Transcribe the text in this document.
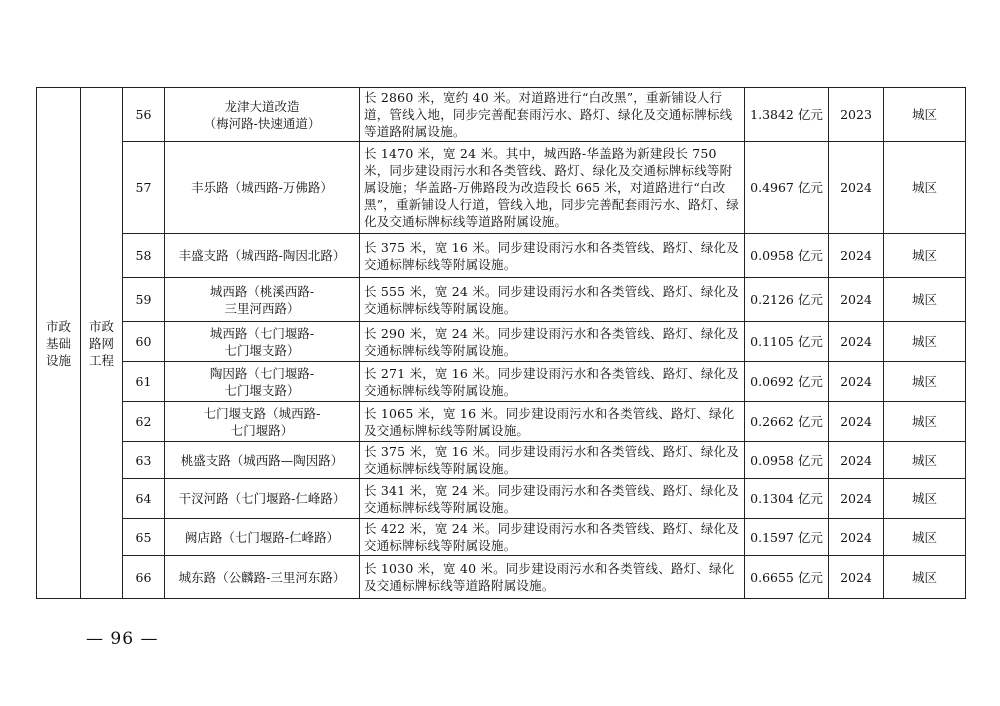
市政
基础
设施	市政
路网
工程	56	龙津大道改造
（梅河路-快速通道）	长 2860 米，宽约 40 米。对道路进行“白改黑”，重新铺设人行道，管线入地，同步完善配套雨污水、路灯、绿化及交通标牌标线等道路附属设施。	1.3842 亿元	2023	城区
		57	丰乐路（城西路-万佛路）	长 1470 米，宽 24 米。其中，城西路-华盖路为新建段长 750 米，同步建设雨污水和各类管线、路灯、绿化及交通标牌标线等附属设施；华盖路-万佛路段为改造段长 665 米，对道路进行“白改黑”，重新铺设人行道，管线入地，同步完善配套雨污水、路灯、绿化及交通标牌标线等道路附属设施。	0.4967 亿元	2024	城区
		58	丰盛支路（城西路-陶因北路）	长 375 米，宽 16 米。同步建设雨污水和各类管线、路灯、绿化及交通标牌标线等附属设施。	0.0958 亿元	2024	城区
		59	城西路（桃溪西路-
三里河西路）	长 555 米，宽 24 米。同步建设雨污水和各类管线、路灯、绿化及交通标牌标线等附属设施。	0.2126 亿元	2024	城区
		60	城西路（七门堰路-
七门堰支路）	长 290 米，宽 24 米。同步建设雨污水和各类管线、路灯、绿化及交通标牌标线等附属设施。	0.1105 亿元	2024	城区
		61	陶因路（七门堰路-
七门堰支路）	长 271 米，宽 16 米。同步建设雨污水和各类管线、路灯、绿化及交通标牌标线等附属设施。	0.0692 亿元	2024	城区
		62	七门堰支路（城西路-
七门堰路）	长 1065 米，宽 16 米。同步建设雨污水和各类管线、路灯、绿化及交通标牌标线等附属设施。	0.2662 亿元	2024	城区
		63	桃盛支路（城西路—陶因路）	长 375 米，宽 16 米。同步建设雨污水和各类管线、路灯、绿化及交通标牌标线等附属设施。	0.0958 亿元	2024	城区
		64	干汊河路（七门堰路-仁峰路）	长 341 米，宽 24 米。同步建设雨污水和各类管线、路灯、绿化及交通标牌标线等附属设施。	0.1304 亿元	2024	城区
		65	阙店路（七门堰路-仁峰路）	长 422 米，宽 24 米。同步建设雨污水和各类管线、路灯、绿化及交通标牌标线等附属设施。	0.1597 亿元	2024	城区
		66	城东路（公麟路-三里河东路）	长 1030 米，宽 40 米。同步建设雨污水和各类管线、路灯、绿化及交通标牌标线等道路附属设施。	0.6655 亿元	2024	城区
— 96 —
